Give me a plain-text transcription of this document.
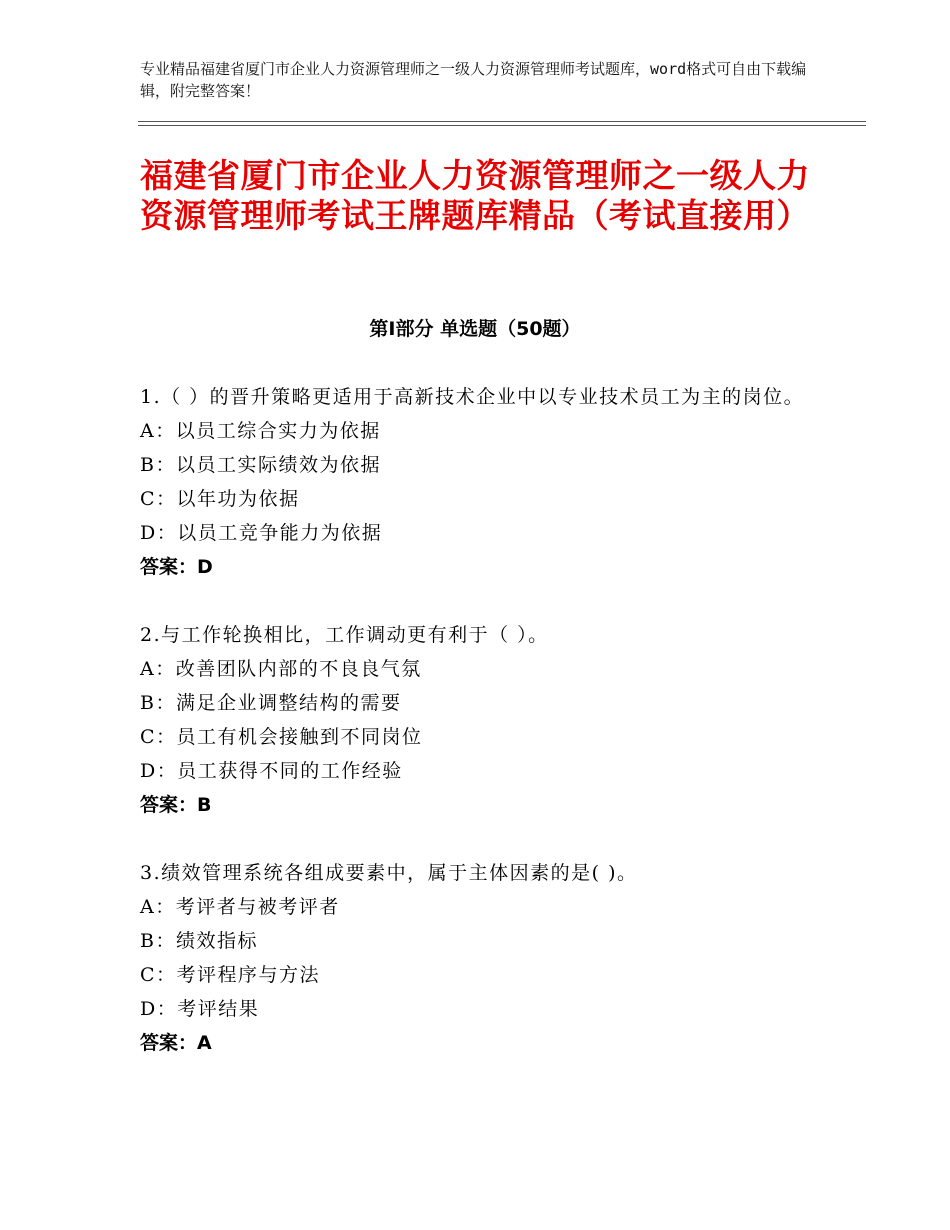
专业精品福建省厦门市企业人力资源管理师之一级人力资源管理师考试题库，word格式可自由下载编辑，附完整答案！
福建省厦门市企业人力资源管理师之一级人力资源管理师考试王牌题库精品（考试直接用）
第Ⅰ部分 单选题（50题）
1.（ ）的晋升策略更适用于高新技术企业中以专业技术员工为主的岗位。
A：以员工综合实力为依据
B：以员工实际绩效为依据
C：以年功为依据
D：以员工竞争能力为依据
答案：D
2.与工作轮换相比，工作调动更有利于（ ）。
A：改善团队内部的不良良气氛
B：满足企业调整结构的需要
C：员工有机会接触到不同岗位
D：员工获得不同的工作经验
答案：B
3.绩效管理系统各组成要素中，属于主体因素的是( )。
A：考评者与被考评者
B：绩效指标
C：考评程序与方法
D：考评结果
答案：A
